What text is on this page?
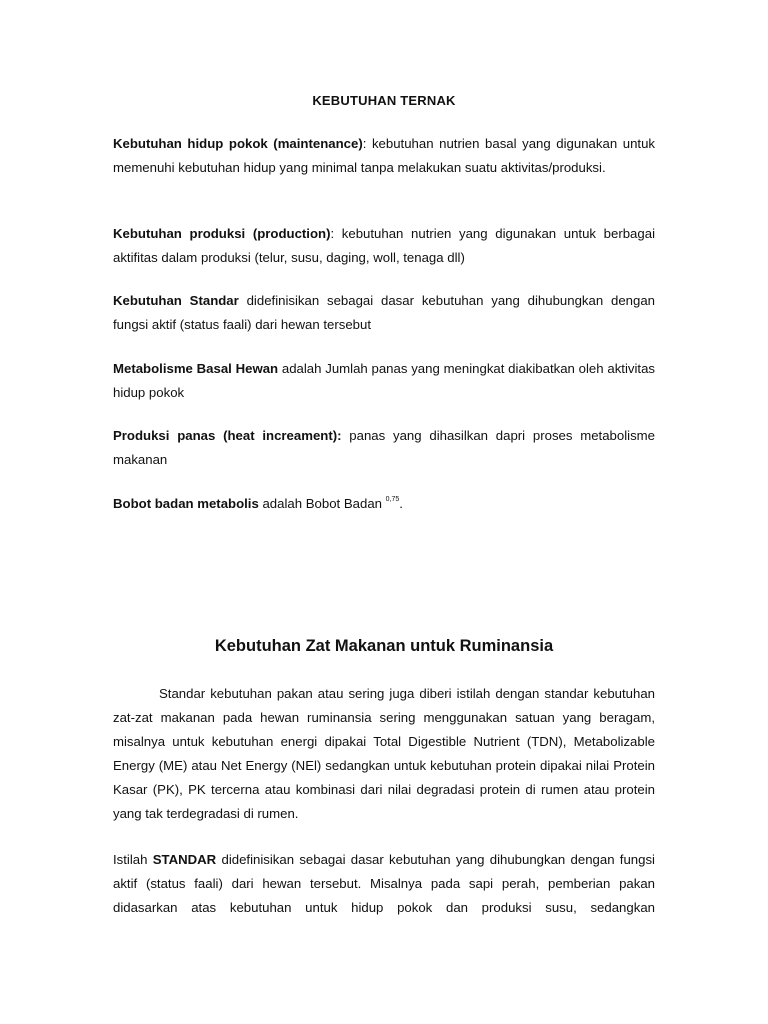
KEBUTUHAN TERNAK
Kebutuhan hidup pokok (maintenance): kebutuhan nutrien basal yang digunakan untuk memenuhi kebutuhan hidup yang minimal tanpa melakukan suatu aktivitas/produksi.
Kebutuhan produksi (production): kebutuhan nutrien yang digunakan untuk berbagai aktifitas dalam produksi (telur, susu, daging, woll, tenaga dll)
Kebutuhan Standar didefinisikan sebagai dasar kebutuhan yang dihubungkan dengan fungsi aktif (status faali) dari hewan tersebut
Metabolisme Basal Hewan adalah Jumlah panas yang meningkat diakibatkan oleh aktivitas hidup pokok
Produksi panas (heat increament): panas yang dihasilkan dapri proses metabolisme makanan
Bobot badan metabolis adalah Bobot Badan $^{0,75}$.
Kebutuhan Zat Makanan untuk Ruminansia
Standar kebutuhan pakan atau sering juga diberi istilah dengan standar kebutuhan zat-zat makanan pada hewan ruminansia sering menggunakan satuan yang beragam, misalnya untuk kebutuhan energi dipakai Total Digestible Nutrient (TDN), Metabolizable Energy (ME) atau Net Energy (NEl) sedangkan untuk kebutuhan protein dipakai nilai Protein Kasar (PK), PK tercerna atau kombinasi dari nilai degradasi protein di rumen atau protein yang tak terdegradasi di rumen.
Istilah STANDAR didefinisikan sebagai dasar kebutuhan yang dihubungkan dengan fungsi aktif (status faali) dari hewan tersebut. Misalnya pada sapi perah, pemberian pakan didasarkan atas kebutuhan untuk hidup pokok dan produksi susu, sedangkan
